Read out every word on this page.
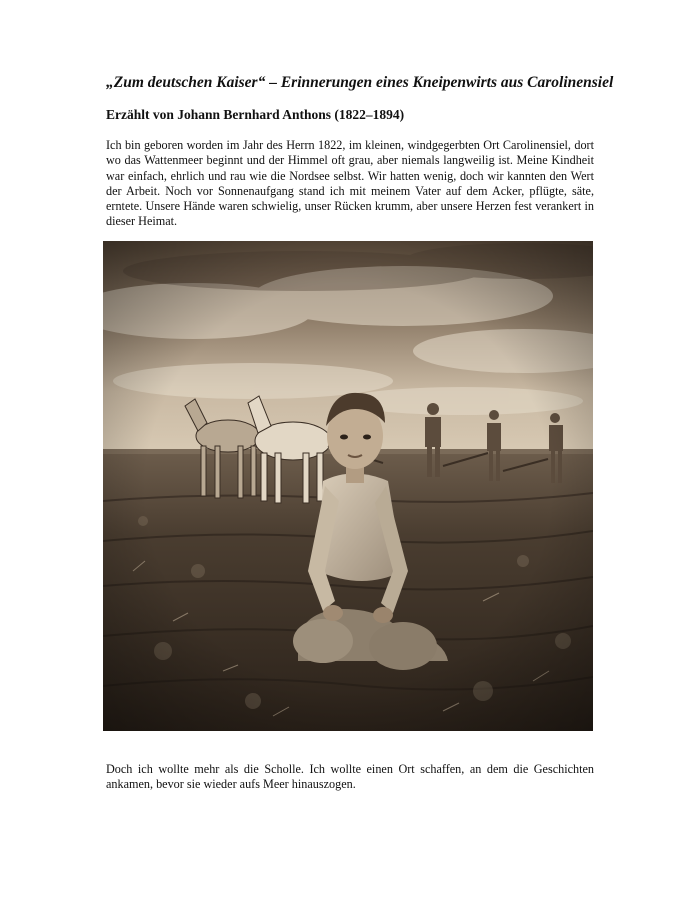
„Zum deutschen Kaiser“ – Erinnerungen eines Kneipenwirts aus Carolinensiel
Erzählt von Johann Bernhard Anthons (1822–1894)

Ich bin geboren worden im Jahr des Herrn 1822, im kleinen, windgegerbten Ort Carolinensiel, dort wo das Wattenmeer beginnt und der Himmel oft grau, aber niemals langweilig ist. Meine Kindheit war einfach, ehrlich und rau wie die Nordsee selbst. Wir hatten wenig, doch wir kannten den Wert der Arbeit. Noch vor Sonnenaufgang stand ich mit meinem Vater auf dem Acker, pflügte, säte, erntete. Unsere Hände waren schwielig, unser Rücken krumm, aber unsere Herzen fest verankert in dieser Heimat.

Doch ich wollte mehr als die Scholle. Ich wollte einen Ort schaffen, an dem die Geschichten ankamen, bevor sie wieder aufs Meer hinauszogen.
